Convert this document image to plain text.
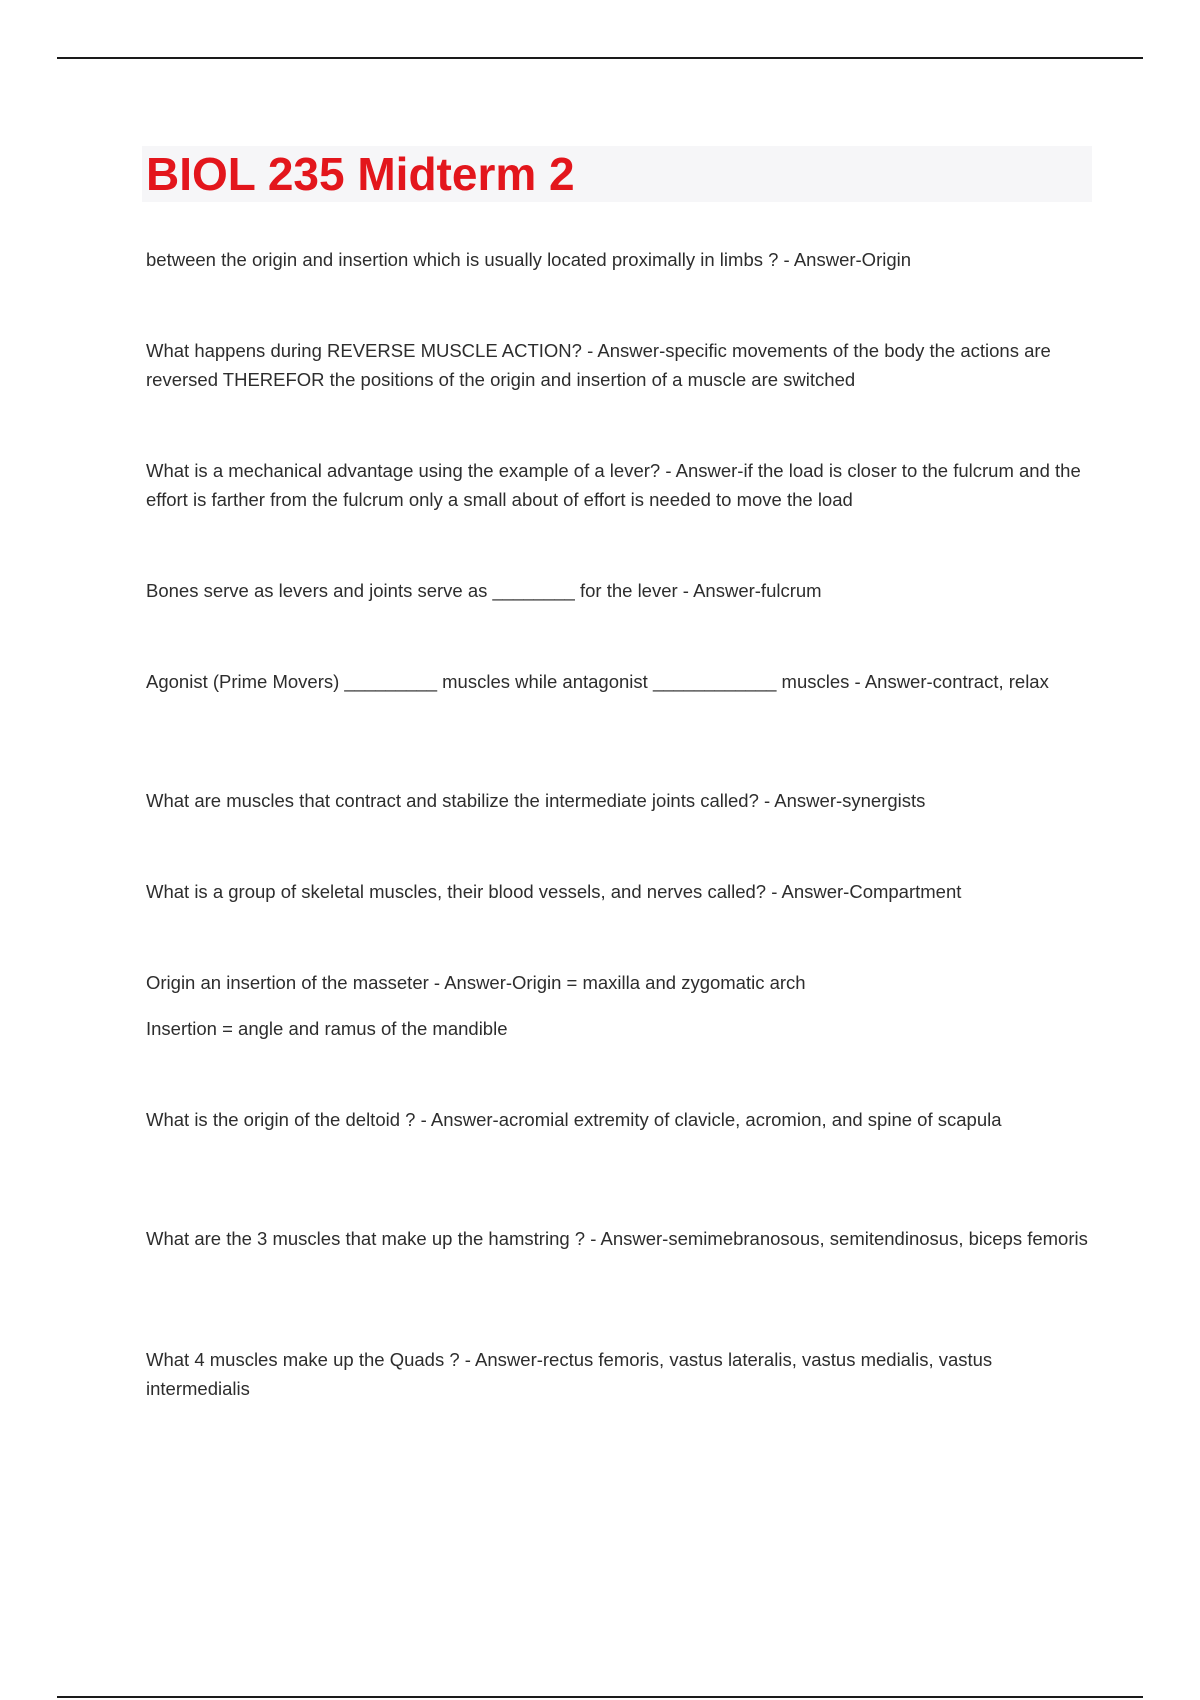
BIOL 235 Midterm 2

between the origin and insertion which is usually located proximally in limbs ? - Answer-Origin

What happens during REVERSE MUSCLE ACTION? - Answer-specific movements of the body the actions are reversed THEREFOR the positions of the origin and insertion of a muscle are switched

What is a mechanical advantage using the example of a lever? - Answer-if the load is closer to the fulcrum and the effort is farther from the fulcrum only a small about of effort is needed to move the load

Bones serve as levers and joints serve as ________ for the lever - Answer-fulcrum

Agonist (Prime Movers) _________ muscles while antagonist ____________ muscles - Answer-contract, relax

What are muscles that contract and stabilize the intermediate joints called? - Answer-synergists

What is a group of skeletal muscles, their blood vessels, and nerves called? - Answer-Compartment

Origin an insertion of the masseter - Answer-Origin = maxilla and zygomatic arch

Insertion = angle and ramus of the mandible

What is the origin of the deltoid ? - Answer-acromial extremity of clavicle, acromion, and spine of scapula

What are the 3 muscles that make up the hamstring ? - Answer-semimebranosous, semitendinosus, biceps femoris

What 4 muscles make up the Quads ? - Answer-rectus femoris, vastus lateralis, vastus medialis, vastus intermedialis
